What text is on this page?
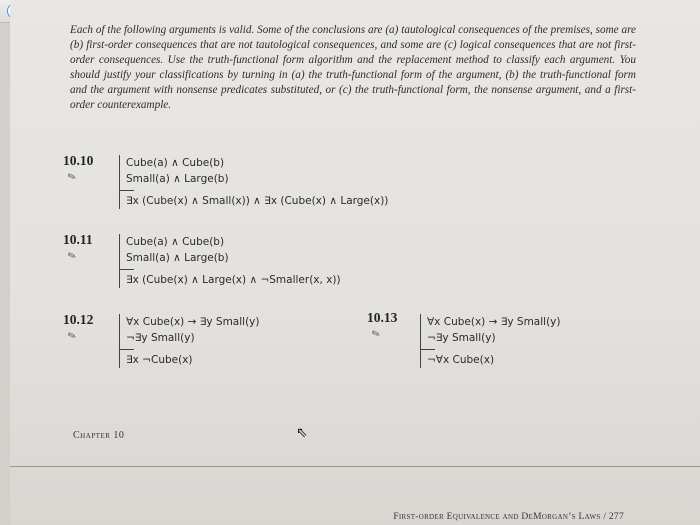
Each of the following arguments is valid. Some of the conclusions are (a) tautological consequences of the premises, some are (b) first-order consequences that are not tautological consequences, and some are (c) logical consequences that are not first-order consequences. Use the truth-functional form algorithm and the replacement method to classify each argument. You should justify your classifications by turning in (a) the truth-functional form of the argument, (b) the truth-functional form and the argument with nonsense predicates substituted, or (c) the truth-functional form, the nonsense argument, and a first-order counterexample.

10.10
✎
Cube(a) ∧ Cube(b)
Small(a) ∧ Large(b)
∃x (Cube(x) ∧ Small(x)) ∧ ∃x (Cube(x) ∧ Large(x))
10.11
✎
Cube(a) ∧ Cube(b)
Small(a) ∧ Large(b)
∃x (Cube(x) ∧ Large(x) ∧ ¬Smaller(x, x))
10.12
✎
∀x Cube(x) → ∃y Small(y)
¬∃y Small(y)
∃x ¬Cube(x)
10.13
✎
∀x Cube(x) → ∃y Small(y)
¬∃y Small(y)
¬∀x Cube(x)
Chapter 10	⇖
First-order Equivalence and DeMorgan’s Laws / 277
